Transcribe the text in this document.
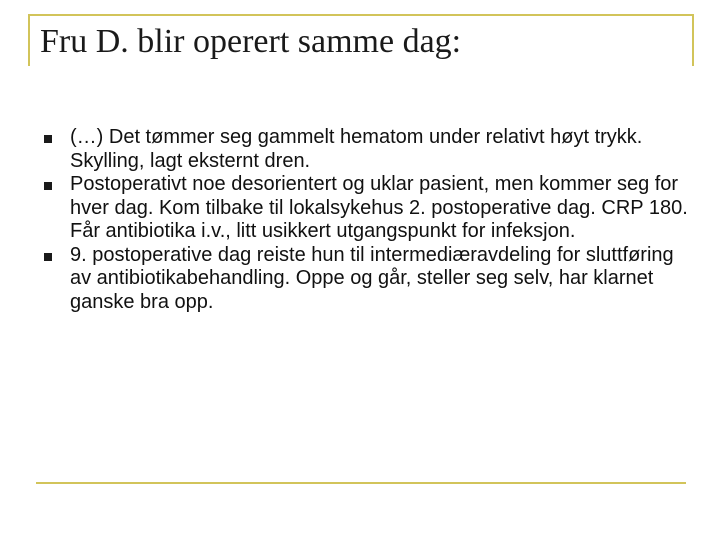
Fru D. blir operert samme dag:
(…) Det tømmer seg gammelt hematom under relativt høyt trykk. Skylling, lagt eksternt dren.
Postoperativt noe desorientert og uklar pasient, men kommer seg for hver dag. Kom tilbake til lokalsykehus 2. postoperative dag. CRP 180. Får antibiotika i.v., litt usikkert utgangspunkt for infeksjon.
9. postoperative dag reiste hun til intermediæravdeling for sluttføring av antibiotikabehandling. Oppe og går, steller seg selv, har klarnet ganske bra opp.
